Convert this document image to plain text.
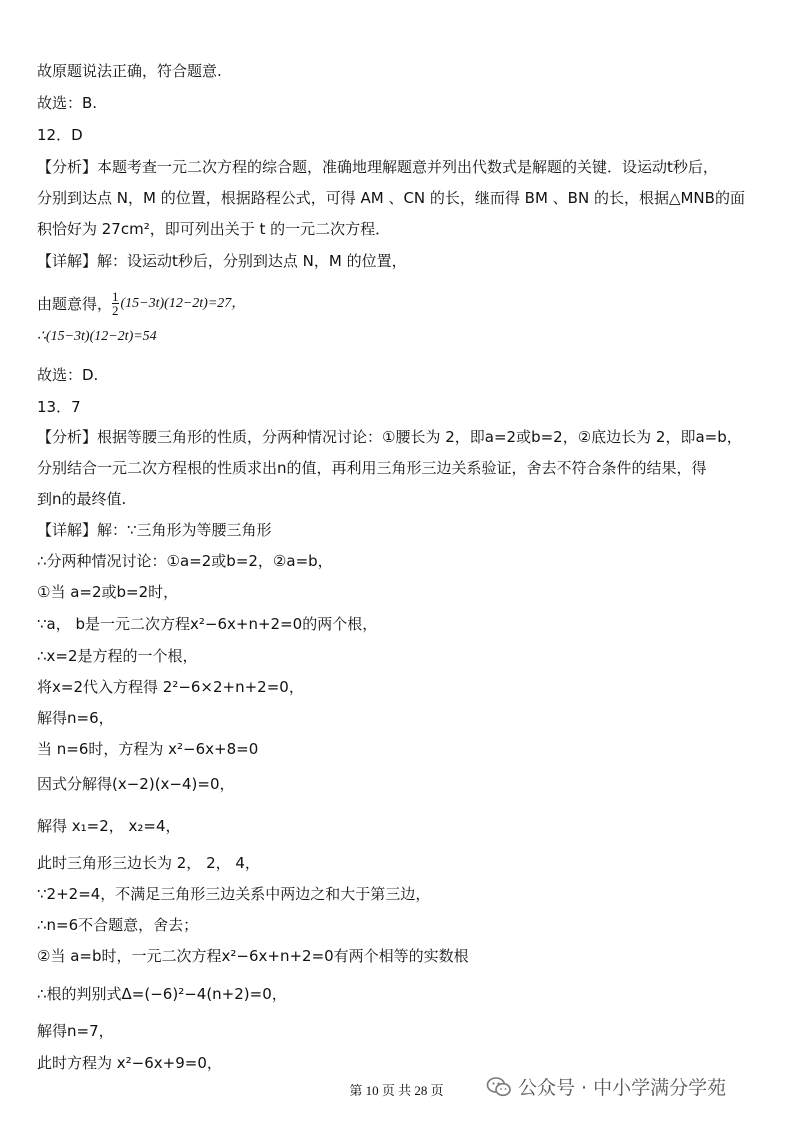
故原题说法正确，符合题意.
故选：B.
12．D
【分析】本题考查一元二次方程的综合题，准确地理解题意并列出代数式是解题的关键．设运动t秒后，
分别到达点 N，M 的位置，根据路程公式，可得 AM 、CN 的长，继而得 BM 、BN 的长，根据△MNB的面
积恰好为 27cm²，即可列出关于 t 的一元二次方程．
【详解】解：设运动t秒后，分别到达点 N，M 的位置，
由题意得， $\frac{1}{2} (15-3t)(12-2t)=27$，
∴(15−3t)(12−2t)=54
故选：D.
13．7
【分析】根据等腰三角形的性质，分两种情况讨论：①腰长为 2，即a=2或b=2，②底边长为 2，即a=b，
分别结合一元二次方程根的性质求出n的值，再利用三角形三边关系验证，舍去不符合条件的结果，得
到n的最终值.
【详解】解：∵三角形为等腰三角形
∴分两种情况讨论：①a=2或b=2，②a=b，
①当 a=2或b=2时，
∵a， b是一元二次方程x²−6x+n+2=0的两个根，
∴x=2是方程的一个根，
将x=2代入方程得 2²−6×2+n+2=0，
解得n=6，
当 n=6时，方程为 x²−6x+8=0
因式分解得(x−2)(x−4)=0，
解得 x₁=2， x₂=4，
此时三角形三边长为 2， 2， 4，
∵2+2=4，不满足三角形三边关系中两边之和大于第三边，
∴n=6不合题意，舍去；
②当 a=b时，一元二次方程x²−6x+n+2=0有两个相等的实数根
∴根的判别式Δ=(−6)²−4(n+2)=0，
解得n=7，
此时方程为 x²−6x+9=0，
第 10 页 共 28 页	公众号 · 中小学满分学苑
